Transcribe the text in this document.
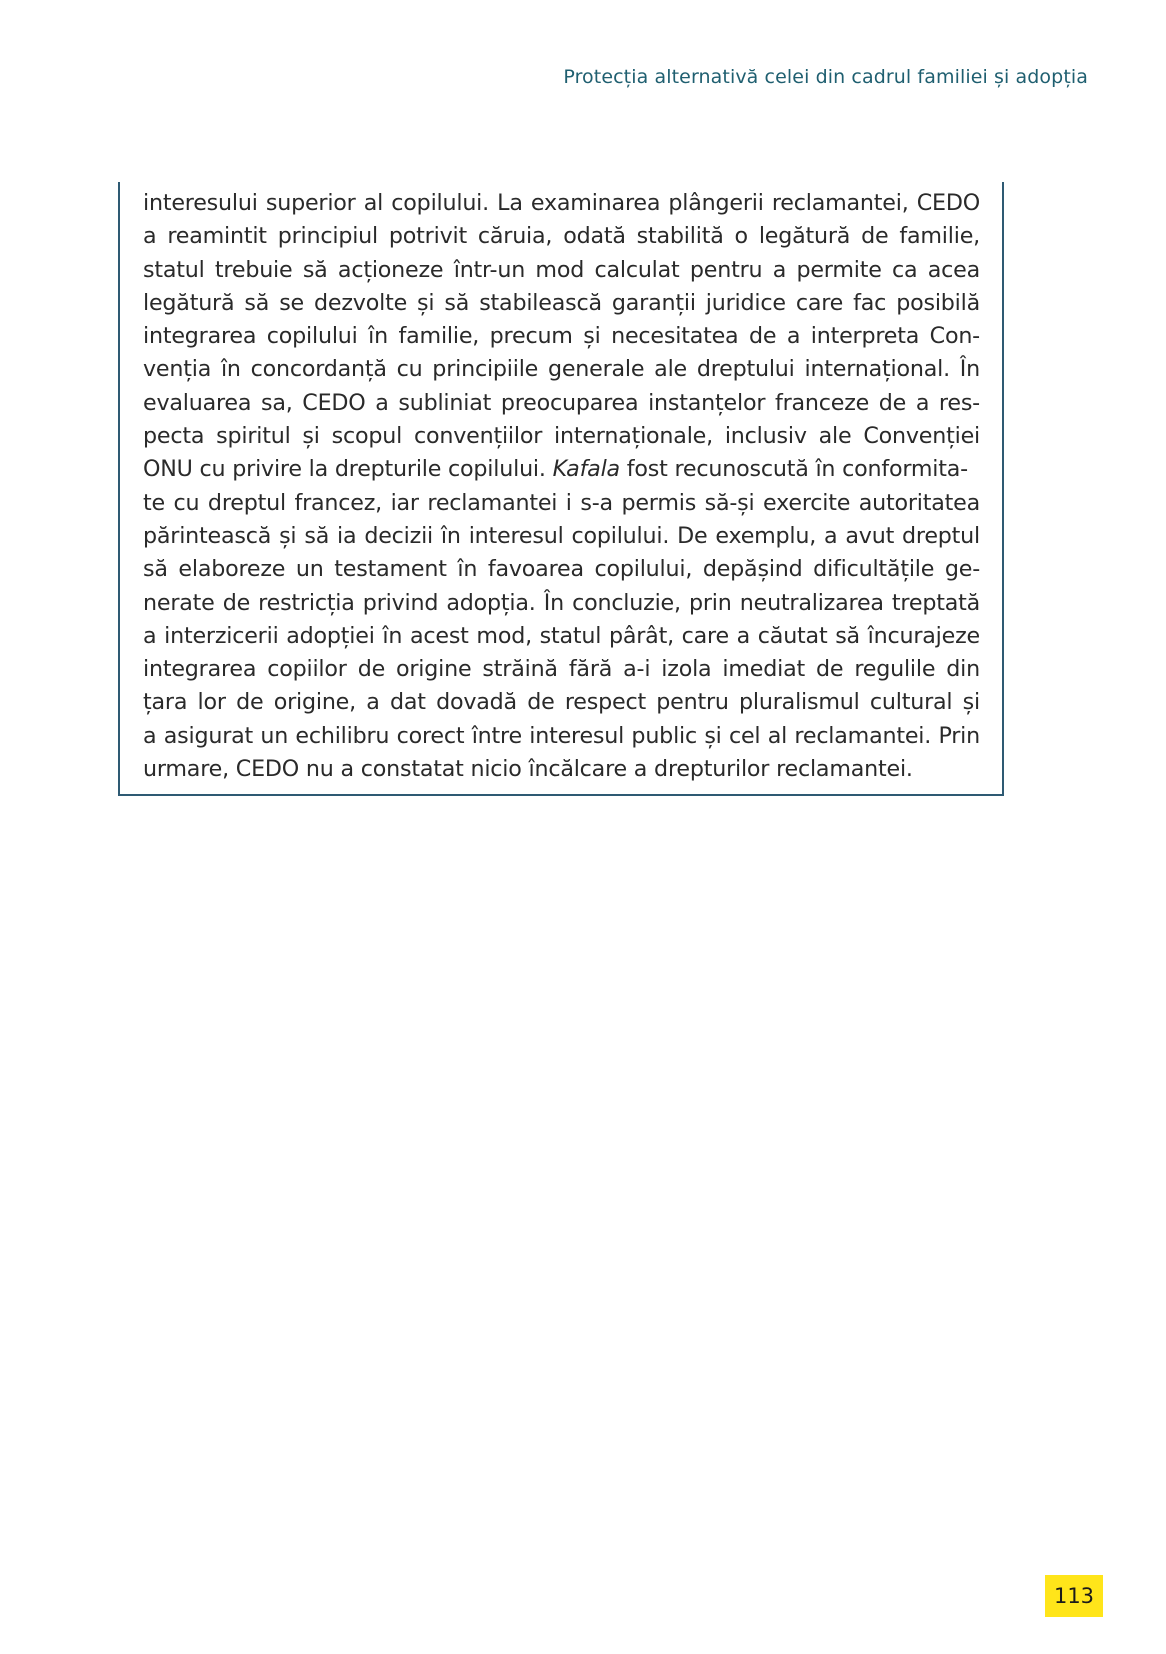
Protecția alternativă celei din cadrul familiei și adopția

interesului superior al copilului. La examinarea plângerii reclamantei, CEDO
a reamintit principiul potrivit căruia, odată stabilită o legătură de familie,
statul trebuie să acționeze într-un mod calculat pentru a permite ca acea
legătură să se dezvolte și să stabilească garanții juridice care fac posibilă
integrarea copilului în familie, precum și necesitatea de a interpreta Con-
venția în concordanță cu principiile generale ale dreptului internațional. În
evaluarea sa, CEDO a subliniat preocuparea instanțelor franceze de a res-
pecta spiritul și scopul convențiilor internaționale, inclusiv ale Convenției
ONU cu privire la drepturile copilului. Kafala fost recunoscută în conformita-
te cu dreptul francez, iar reclamantei i s-a permis să-și exercite autoritatea
părintească și să ia decizii în interesul copilului. De exemplu, a avut dreptul
să elaboreze un testament în favoarea copilului, depășind dificultățile ge-
nerate de restricția privind adopția. În concluzie, prin neutralizarea treptată
a interzicerii adopției în acest mod, statul pârât, care a căutat să încurajeze
integrarea copiilor de origine străină fără a-i izola imediat de regulile din
țara lor de origine, a dat dovadă de respect pentru pluralismul cultural și
a asigurat un echilibru corect între interesul public și cel al reclamantei. Prin
urmare, CEDO nu a constatat nicio încălcare a drepturilor reclamantei.

113
